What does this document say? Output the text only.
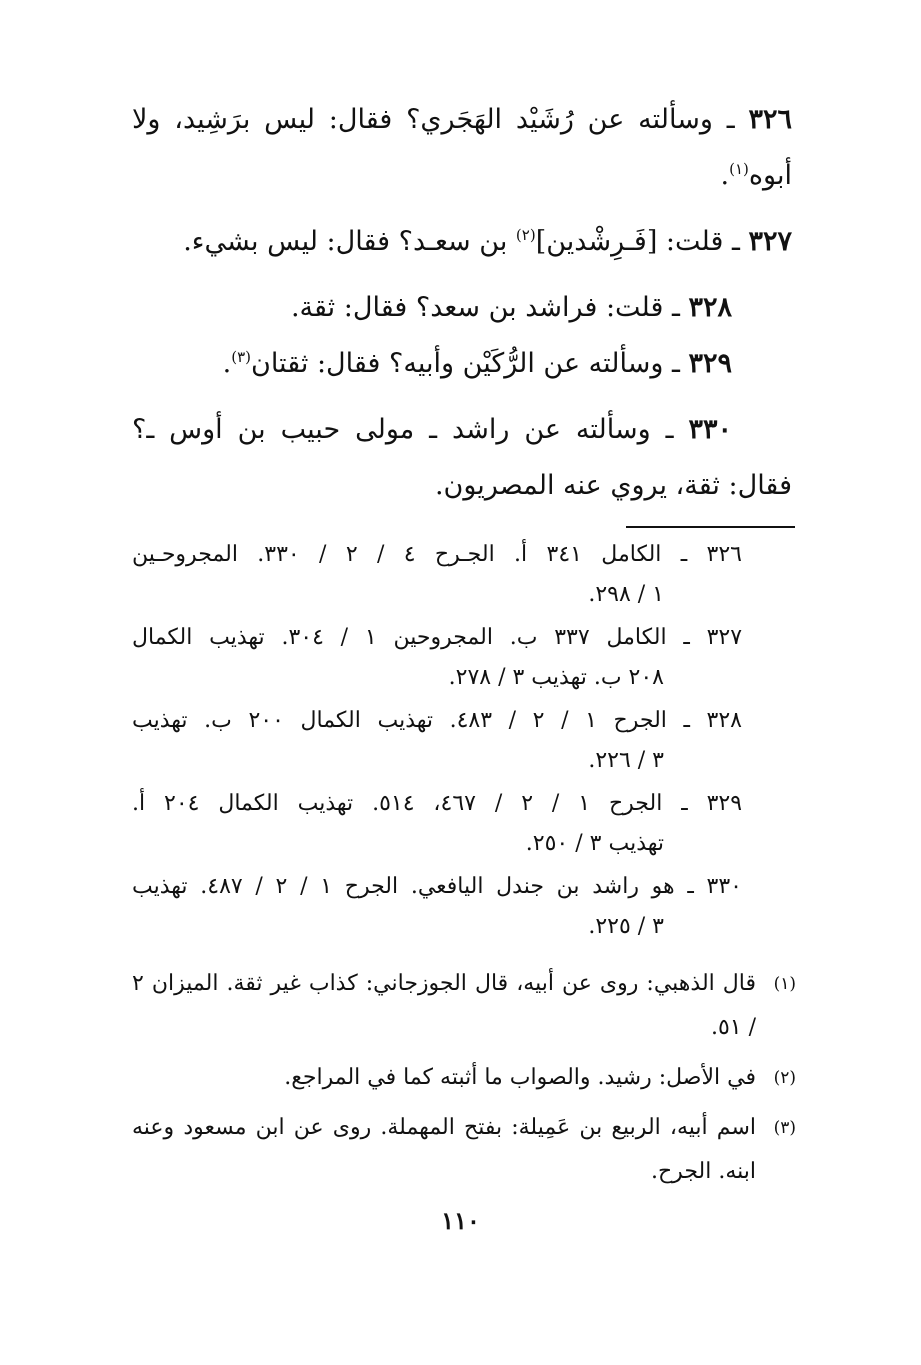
٣٢٦ ـ وسألته عن رُشَيْد الهَجَري؟ فقال: ليس برَشِيد، ولا أبوه$^{(١)}$.

٣٢٧ ـ قلت: [فَـرِشْدين]$^{(٢)}$ بن سعـد؟ فقال: ليس بشيء.

٣٢٨ ـ قلت: فراشد بن سعد؟ فقال: ثقة.

٣٢٩ ـ وسألته عن الرُّكَيْن وأبيه؟ فقال: ثقتان$^{(٣)}$.

٣٣٠ ـ وسألته عن راشد ـ مولى حبيب بن أوس ـ؟ فقال: ثقة، يروي عنه المصريون.

٣٢٦ ـ الكامل ٣٤١ أ. الجـرح ٤ / ٢ / ٣٣٠. المجروحـين
١ / ٢٩٨.

٣٢٧ ـ الكامل ٣٣٧ ب. المجروحين ١ / ٣٠٤. تهذيب الكمال
٢٠٨ ب. تهذيب ٣ / ٢٧٨.

٣٢٨ ـ الجرح ١ / ٢ / ٤٨٣. تهذيب الكمال ٢٠٠ ب. تهذيب
٣ / ٢٢٦.

٣٢٩ ـ الجرح ١ / ٢ / ٤٦٧، ٥١٤. تهذيب الكمال ٢٠٤ أ.
تهذيب ٣ / ٢٥٠.

٣٣٠ ـ هو راشد بن جندل اليافعي. الجرح ١ / ٢ / ٤٨٧. تهذيب
٣ / ٢٢٥.

(١)
قال الذهبي: روى عن أبيه، قال الجوزجاني: كذاب غير ثقة. الميزان ٢ / ٥١.
(٢)
في الأصل: رشيد. والصواب ما أثبته كما في المراجع.
(٣)
اسم أبيه، الربيع بن عَمِيلة: بفتح المهملة. روى عن ابن مسعود وعنه ابنه. الجرح.
١١٠
